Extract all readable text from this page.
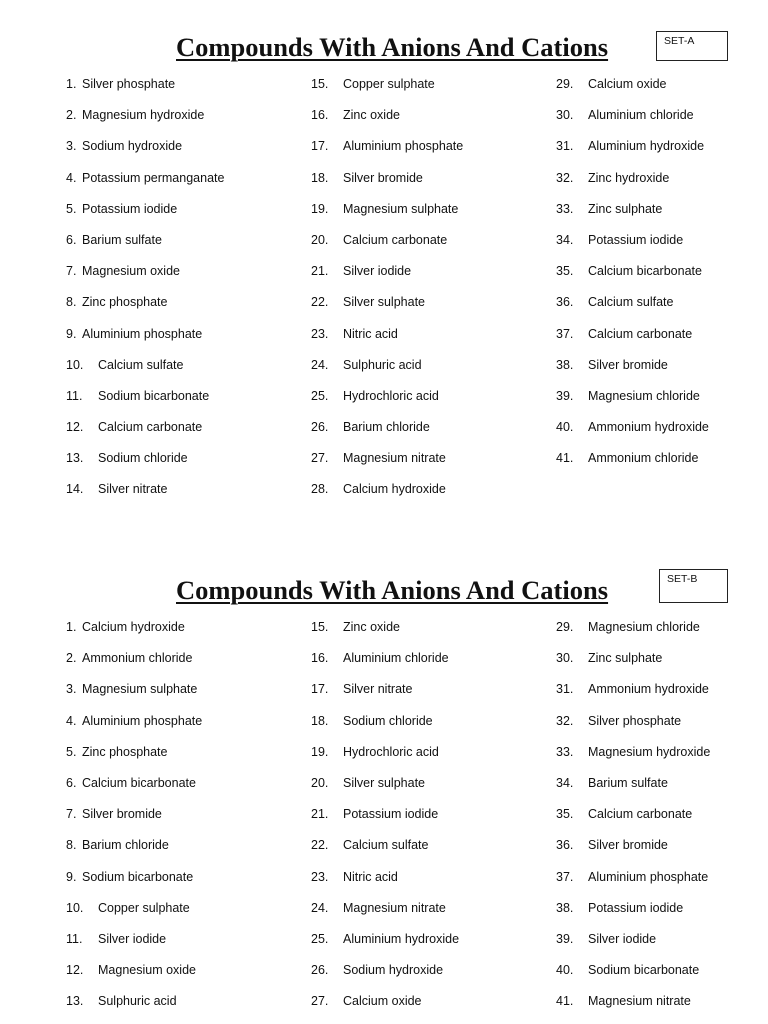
Compounds With Anions And Cations	SET-A
1. Silver phosphate
2. Magnesium hydroxide
3. Sodium hydroxide
4. Potassium permanganate
5. Potassium iodide
6. Barium sulfate
7. Magnesium oxide
8. Zinc phosphate
9. Aluminium phosphate
10. Calcium sulfate
11. Sodium bicarbonate
12. Calcium carbonate
13. Sodium chloride
14. Silver nitrate
15. Copper sulphate
16. Zinc oxide
17. Aluminium phosphate
18. Silver bromide
19. Magnesium sulphate
20. Calcium carbonate
21. Silver iodide
22. Silver sulphate
23. Nitric acid
24. Sulphuric acid
25. Hydrochloric acid
26. Barium chloride
27. Magnesium nitrate
28. Calcium hydroxide
29. Calcium oxide
30. Aluminium chloride
31. Aluminium hydroxide
32. Zinc hydroxide
33. Zinc sulphate
34. Potassium iodide
35. Calcium bicarbonate
36. Calcium sulfate
37. Calcium carbonate
38. Silver bromide
39. Magnesium chloride
40. Ammonium hydroxide
41. Ammonium chloride
Compounds With Anions And Cations	SET-B
1. Calcium hydroxide
2. Ammonium chloride
3. Magnesium sulphate
4. Aluminium phosphate
5. Zinc phosphate
6. Calcium bicarbonate
7. Silver bromide
8. Barium chloride
9. Sodium bicarbonate
10. Copper sulphate
11. Silver iodide
12. Magnesium oxide
13. Sulphuric acid
15. Zinc oxide
16. Aluminium chloride
17. Silver nitrate
18. Sodium chloride
19. Hydrochloric acid
20. Silver sulphate
21. Potassium iodide
22. Calcium sulfate
23. Nitric acid
24. Magnesium nitrate
25. Aluminium hydroxide
26. Sodium hydroxide
27. Calcium oxide
29. Magnesium chloride
30. Zinc sulphate
31. Ammonium hydroxide
32. Silver phosphate
33. Magnesium hydroxide
34. Barium sulfate
35. Calcium carbonate
36. Silver bromide
37. Aluminium phosphate
38. Potassium iodide
39. Silver iodide
40. Sodium bicarbonate
41. Magnesium nitrate
